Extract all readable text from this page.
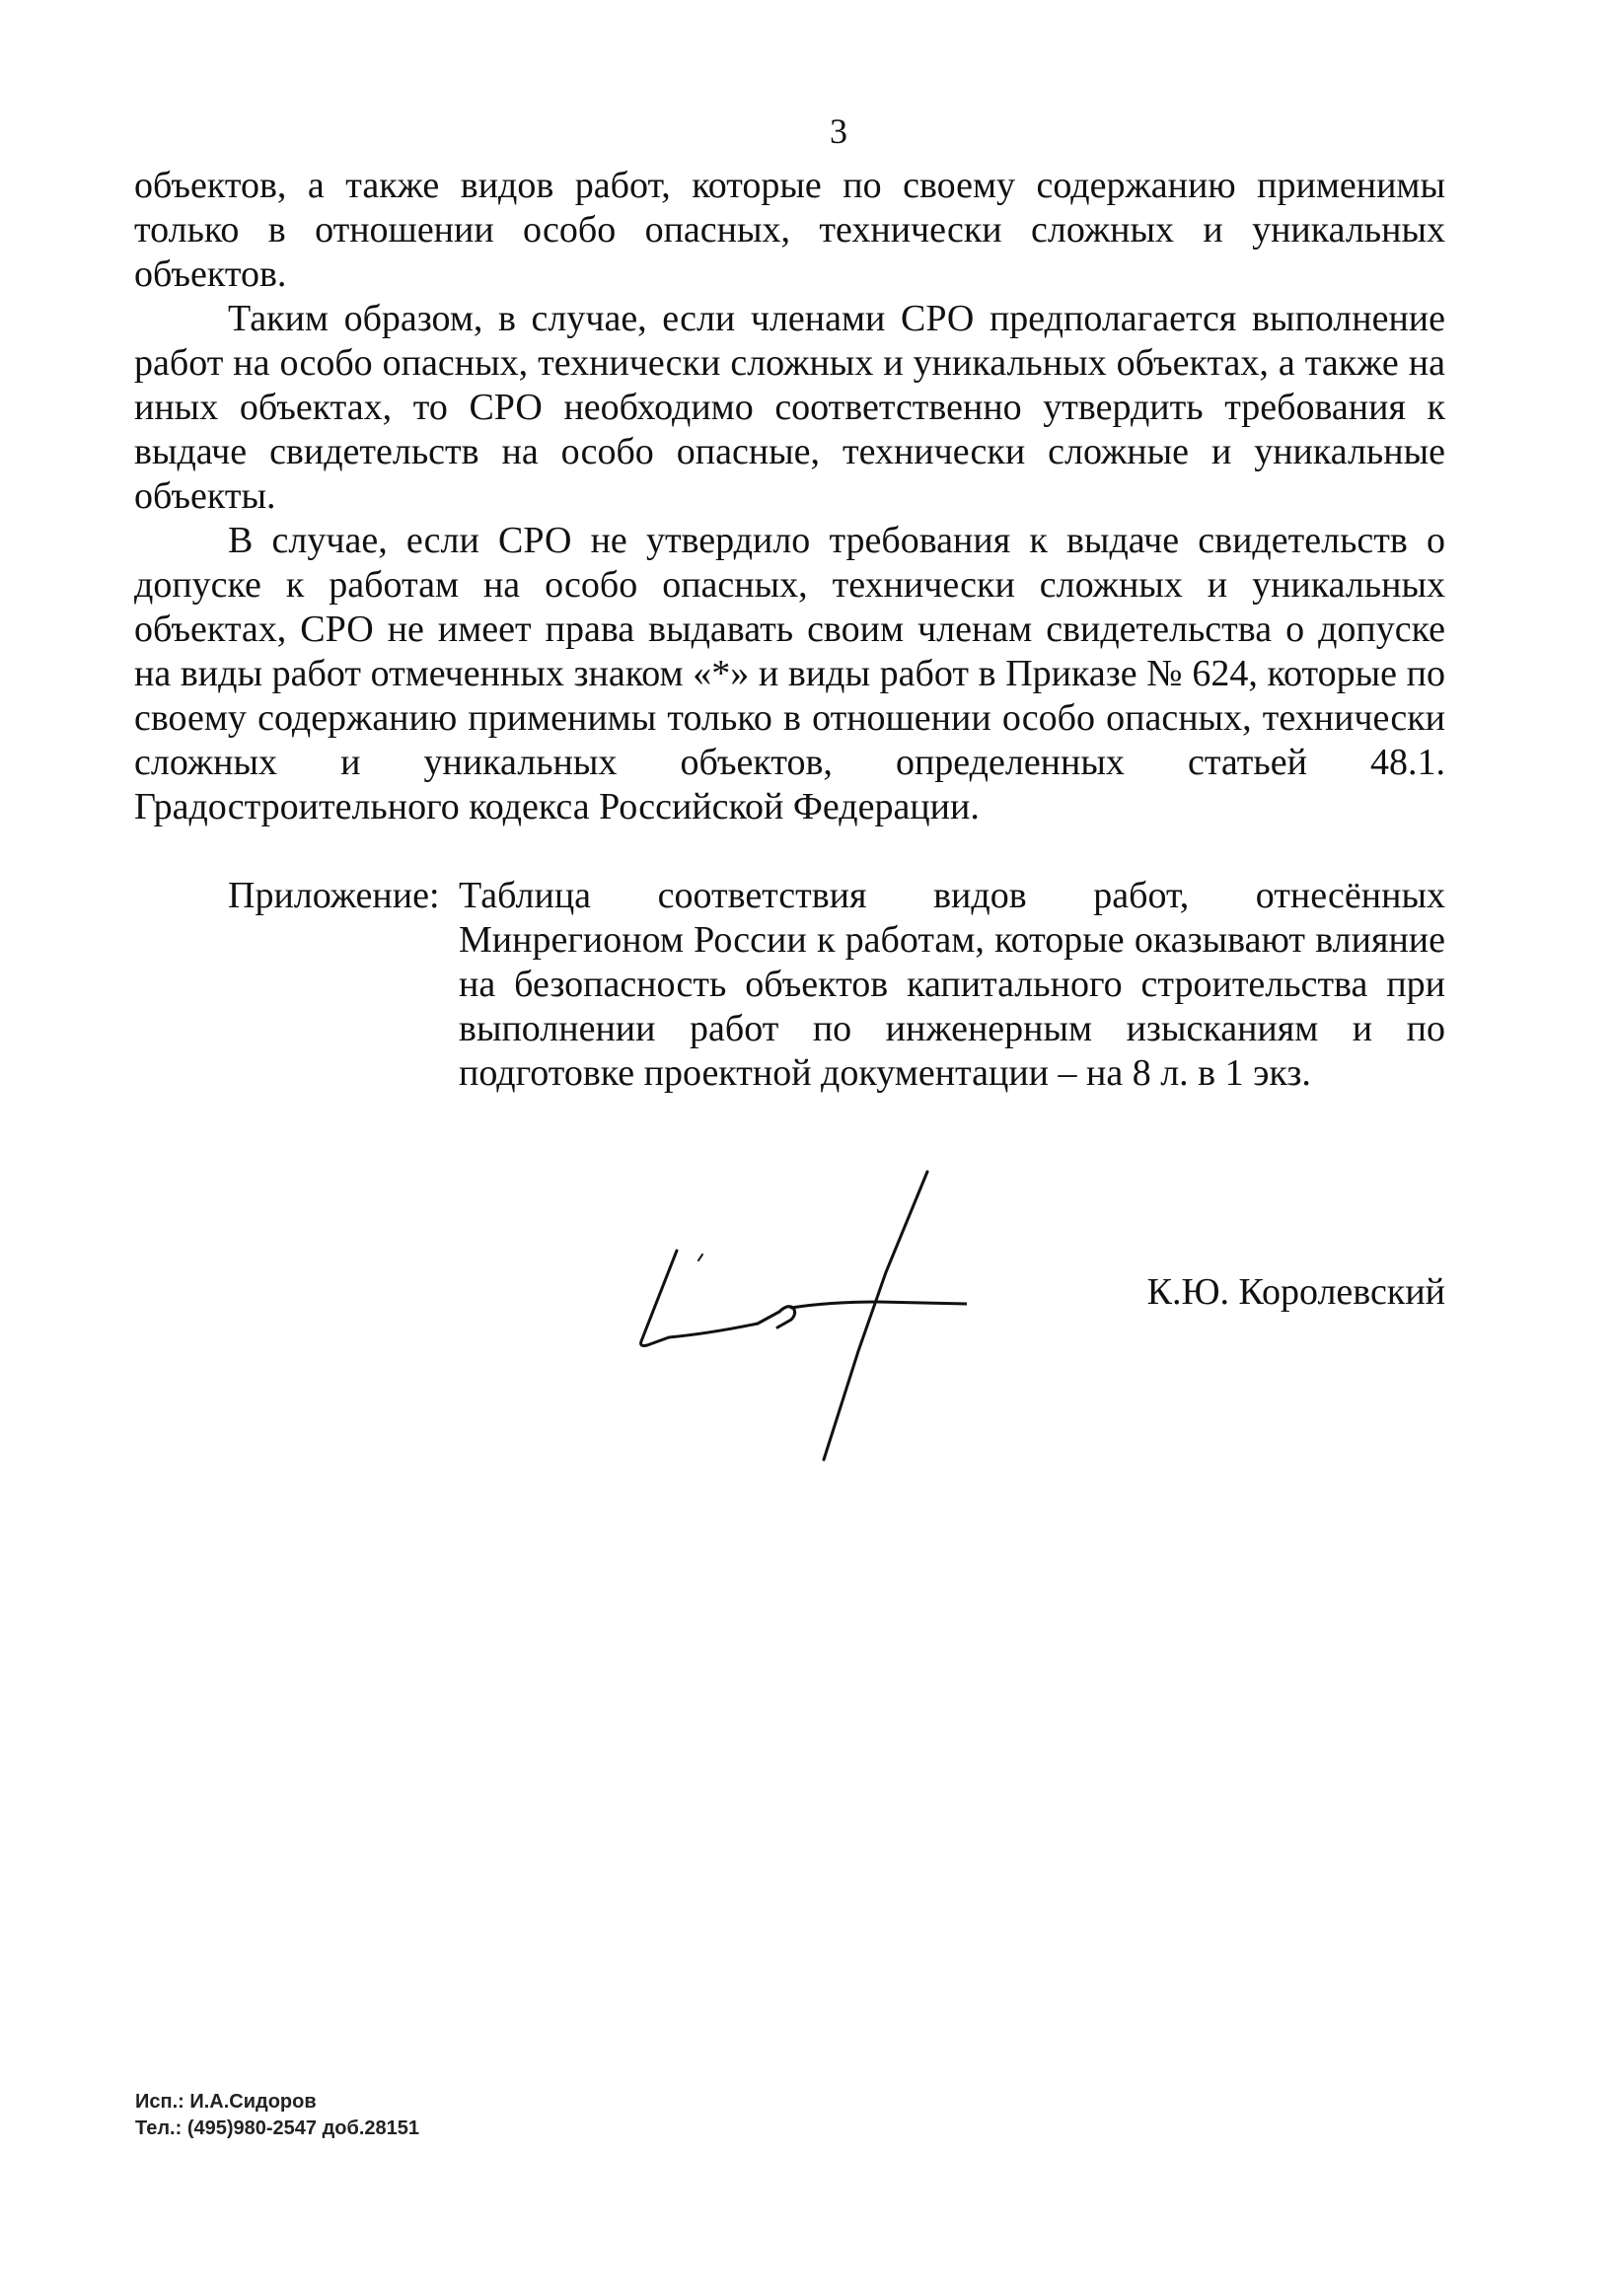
3

объектов, а также видов работ, которые по своему содержанию применимы только в отношении особо опасных, технически сложных и уникальных объектов.

Таким образом, в случае, если членами СРО предполагается выполнение работ на особо опасных, технически сложных и уникальных объектах, а также на иных объектах, то СРО необходимо соответственно утвердить требования к выдаче свидетельств на особо опасные, технически сложные и уникальные объекты.

В случае, если СРО не утвердило требования к выдаче свидетельств о допуске к работам на особо опасных, технически сложных и уникальных объектах, СРО не имеет права выдавать своим членам свидетельства о допуске на виды работ отмеченных знаком «*» и виды работ в Приказе № 624, которые по своему содержанию применимы только в отношении особо опасных, технически сложных и уникальных объектов, определенных статьей 48.1. Градостроительного кодекса Российской Федерации.

Приложение: Таблица соответствия видов работ, отнесённых Минрегионом России к работам, которые оказывают влияние на безопасность объектов капитального строительства при выполнении работ по инженерным изысканиям и по подготовке проектной документации – на 8 л. в 1 экз.
К.Ю. Королевский
Исп.: И.А.Сидоров
Тел.: (495)980-2547 доб.28151
